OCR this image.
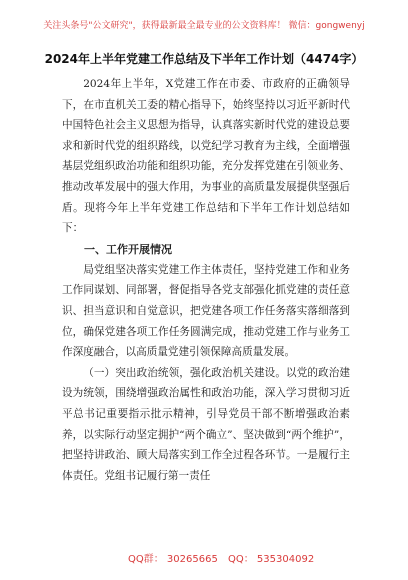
关注头条号"公文研究"，获得最新最全最专业的公文资料库！ 微信：gongwenyj
2024年上半年党建工作总结及下半年工作计划（4474字）

2024年上半年，X党建工作在市委、市政府的正确领导下，在市直机关工委的精心指导下，始终坚持以习近平新时代中国特色社会主义思想为指导，认真落实新时代党的建设总要求和新时代党的组织路线，以党纪学习教育为主线，全面增强基层党组织政治功能和组织功能，充分发挥党建在引领业务、推动改革发展中的强大作用，为事业的高质量发展提供坚强后盾。现将今年上半年党建工作总结和下半年工作计划总结如下：

一、工作开展情况

局党组坚决落实党建工作主体责任，坚持党建工作和业务工作同谋划、同部署，督促指导各党支部强化抓党建的责任意识、担当意识和自觉意识，把党建各项工作任务落实落细落到位，确保党建各项工作任务圆满完成，推动党建工作与业务工作深度融合，以高质量党建引领保障高质量发展。

（一）突出政治统领，强化政治机关建设。以党的政治建设为统领，围绕增强政治属性和政治功能，深入学习贯彻习近平总书记重要指示批示精神，引导党员干部不断增强政治素养，以实际行动坚定拥护“两个确立”、坚决做到“两个维护”，把坚持讲政治、顾大局落实到工作全过程各环节。一是履行主体责任。党组书记履行第一责任

QQ群： 30265665 QQ： 535304092
